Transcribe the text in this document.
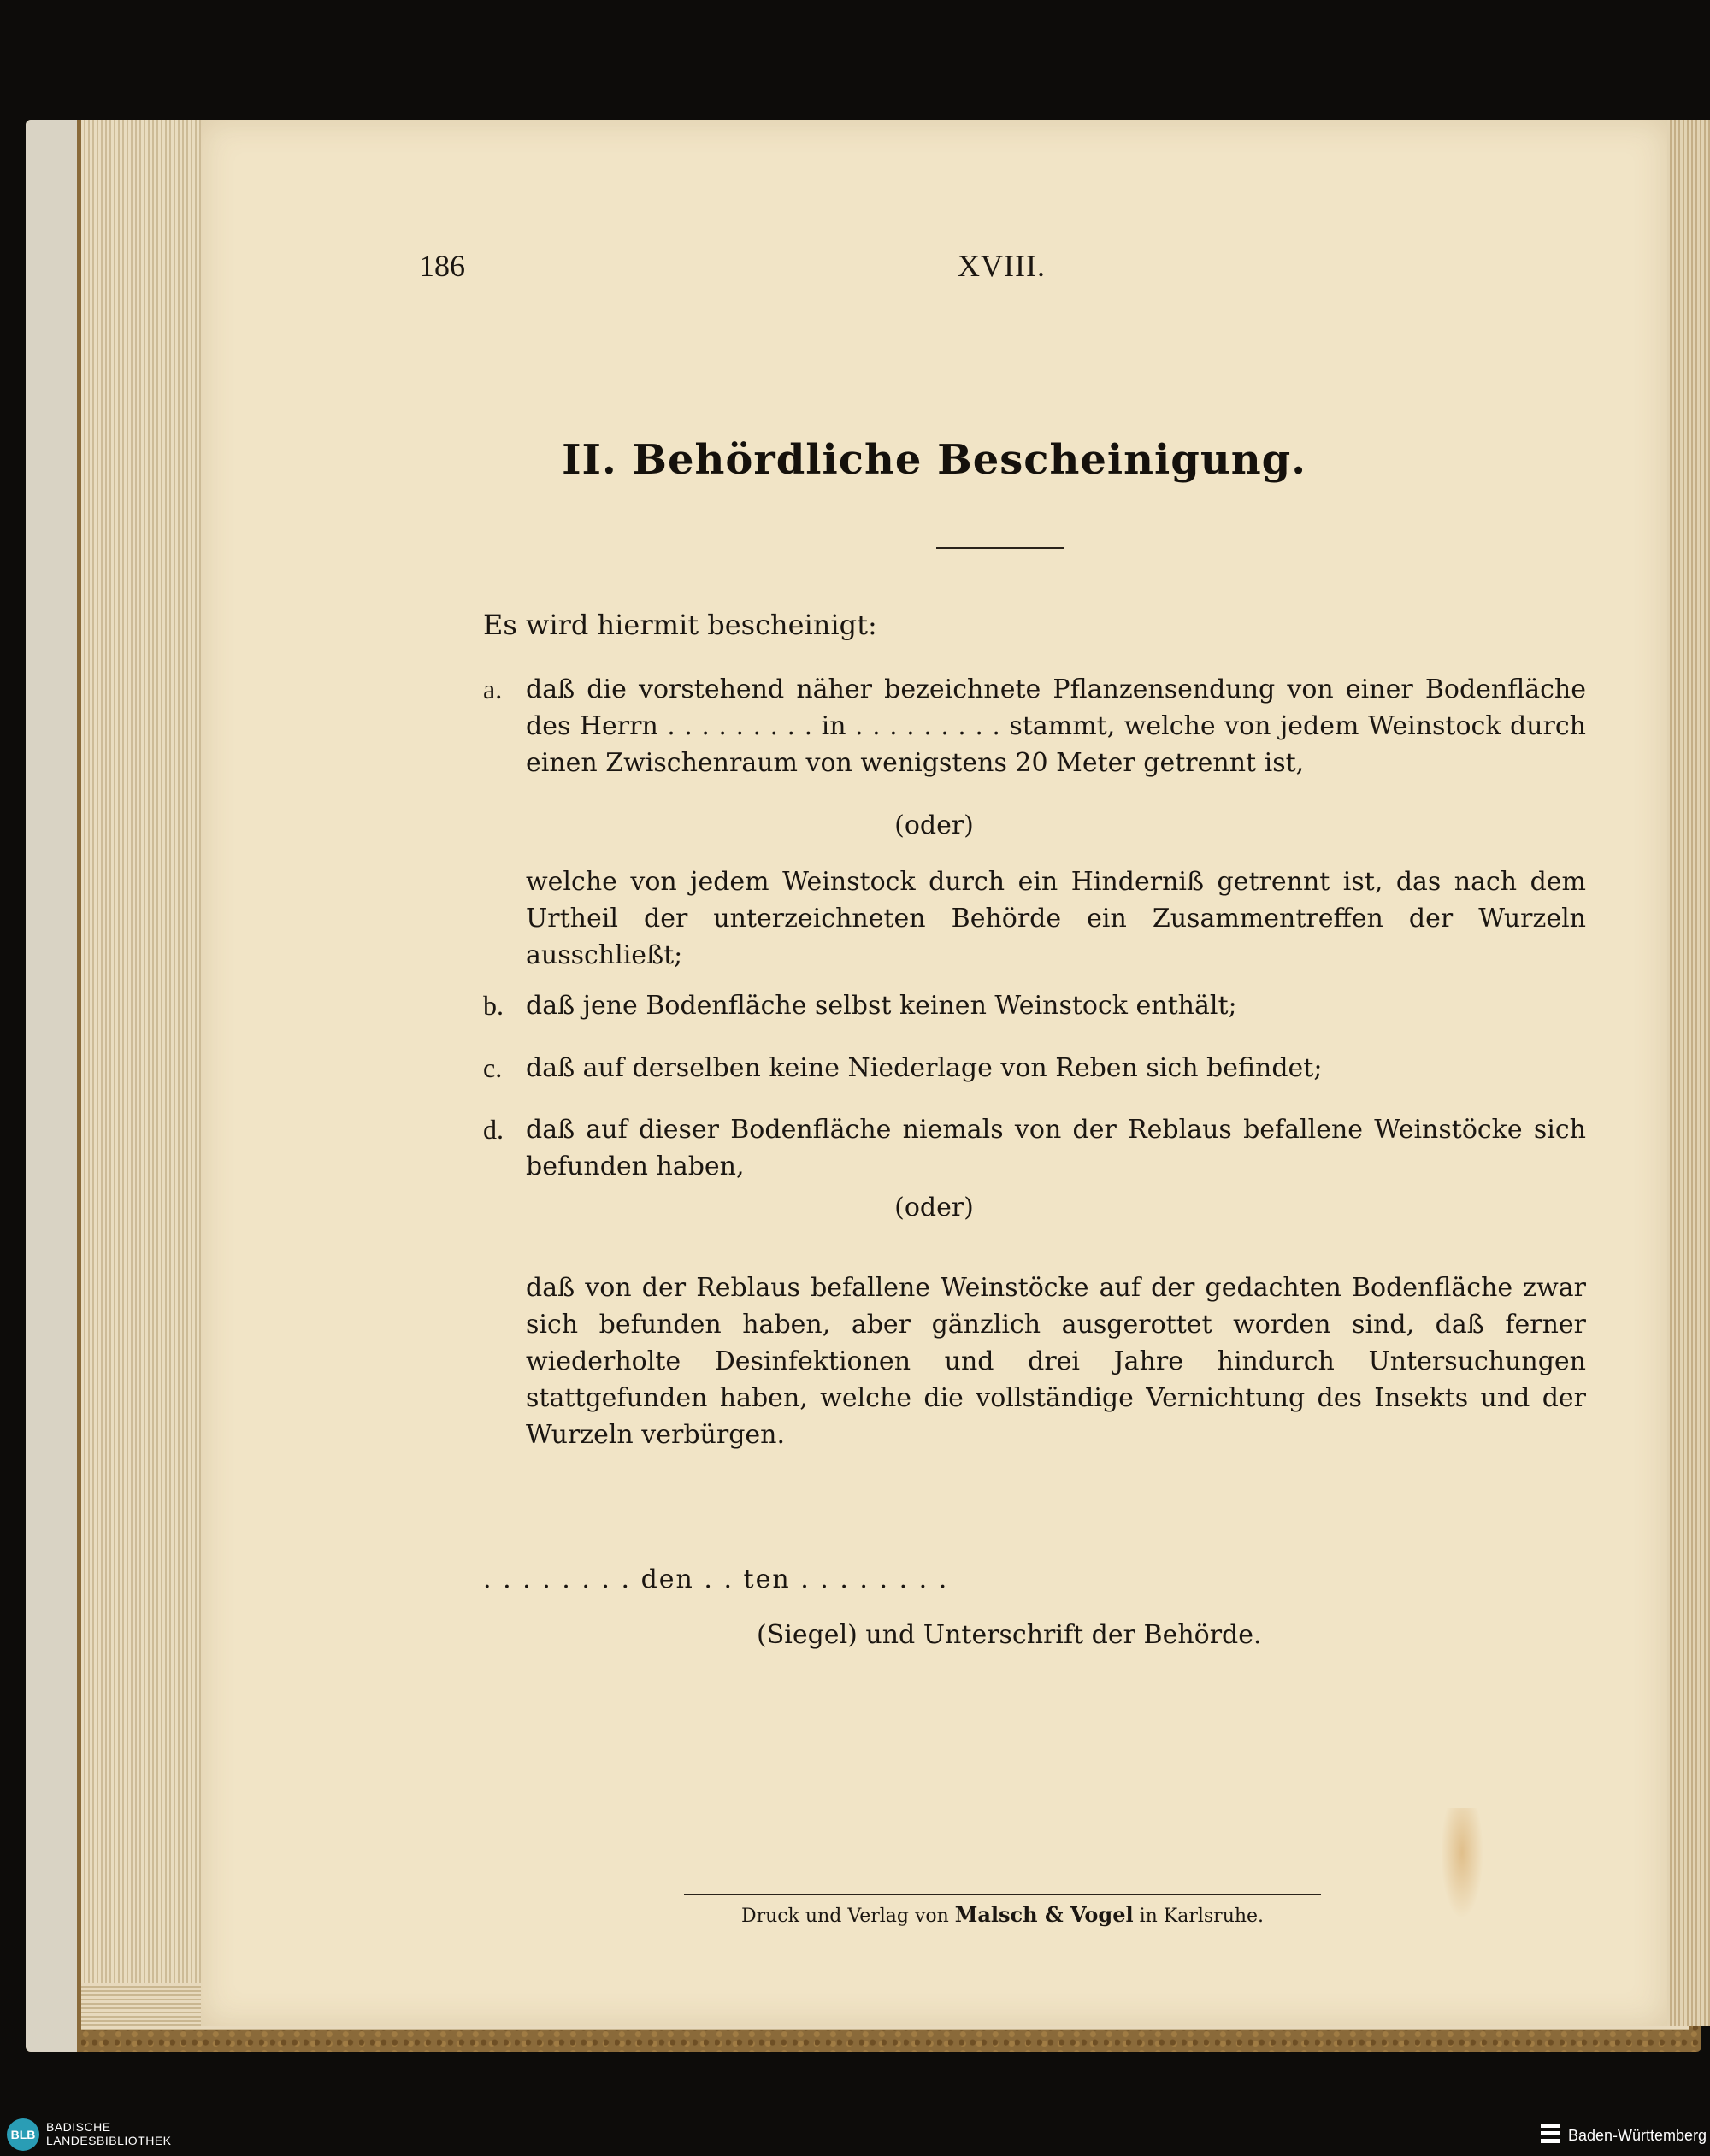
186	XVIII.
II. Behördliche Bescheinigung.
Es wird hiermit bescheinigt:
a. daß die vorstehend näher bezeichnete Pflanzensendung von einer Bodenfläche des Herrn . . . . . . . . . in . . . . . . . . . stammt, welche von jedem Weinstock durch einen Zwischenraum von wenigstens 20 Meter getrennt ist,
(oder)
welche von jedem Weinstock durch ein Hinderniß getrennt ist, das nach dem Urtheil der unterzeichneten Behörde ein Zusammentreffen der Wurzeln ausschließt;
b. daß jene Bodenfläche selbst keinen Weinstock enthält;
c. daß auf derselben keine Niederlage von Reben sich befindet;
d. daß auf dieser Bodenfläche niemals von der Reblaus befallene Weinstöcke sich befunden haben,
(oder)
daß von der Reblaus befallene Weinstöcke auf der gedachten Bodenfläche zwar sich befunden haben, aber gänzlich ausgerottet worden sind, daß ferner wiederholte Desinfektionen und drei Jahre hindurch Untersuchungen stattgefunden haben, welche die vollständige Vernichtung des Insekts und der Wurzeln verbürgen.
. . . . . . . . den . . ten . . . . . . . .
(Siegel) und Unterschrift der Behörde.
Druck und Verlag von Malsch & Vogel in Karlsruhe.
BLB
BADISCHE
LANDESBIBLIOTHEK	Baden-Württemberg
